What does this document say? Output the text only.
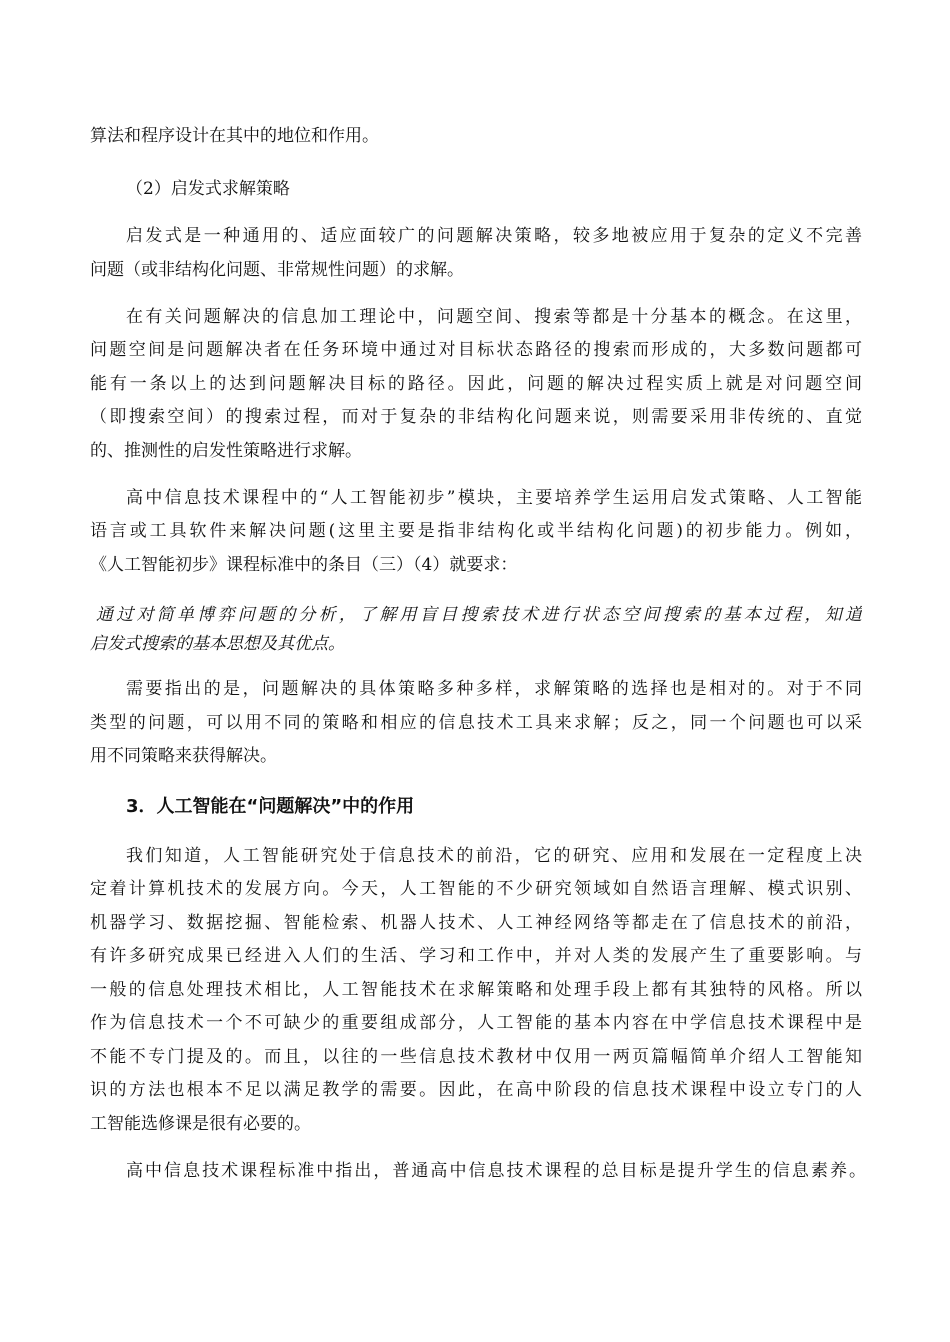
算法和程序设计在其中的地位和作用。
（2）启发式求解策略
启发式是一种通用的、适应面较广的问题解决策略，较多地被应用于复杂的定义不完善
问题（或非结构化问题、非常规性问题）的求解。
在有关问题解决的信息加工理论中，问题空间、搜索等都是十分基本的概念。在这里，
问题空间是问题解决者在任务环境中通过对目标状态路径的搜索而形成的，大多数问题都可
能有一条以上的达到问题解决目标的路径。因此，问题的解决过程实质上就是对问题空间
（即搜索空间）的搜索过程，而对于复杂的非结构化问题来说，则需要采用非传统的、直觉
的、推测性的启发性策略进行求解。
高中信息技术课程中的“人工智能初步”模块，主要培养学生运用启发式策略、人工智能
语言或工具软件来解决问题(这里主要是指非结构化或半结构化问题)的初步能力。例如，
《人工智能初步》课程标准中的条目（三）（4）就要求：
通过对简单博弈问题的分析，了解用盲目搜索技术进行状态空间搜索的基本过程，知道
启发式搜索的基本思想及其优点。
需要指出的是，问题解决的具体策略多种多样，求解策略的选择也是相对的。对于不同
类型的问题，可以用不同的策略和相应的信息技术工具来求解；反之，同一个问题也可以采
用不同策略来获得解决。
3．人工智能在“问题解决”中的作用
我们知道，人工智能研究处于信息技术的前沿，它的研究、应用和发展在一定程度上决
定着计算机技术的发展方向。今天，人工智能的不少研究领域如自然语言理解、模式识别、
机器学习、数据挖掘、智能检索、机器人技术、人工神经网络等都走在了信息技术的前沿，
有许多研究成果已经进入人们的生活、学习和工作中，并对人类的发展产生了重要影响。与
一般的信息处理技术相比，人工智能技术在求解策略和处理手段上都有其独特的风格。所以
作为信息技术一个不可缺少的重要组成部分，人工智能的基本内容在中学信息技术课程中是
不能不专门提及的。而且，以往的一些信息技术教材中仅用一两页篇幅简单介绍人工智能知
识的方法也根本不足以满足教学的需要。因此，在高中阶段的信息技术课程中设立专门的人
工智能选修课是很有必要的。
高中信息技术课程标准中指出，普通高中信息技术课程的总目标是提升学生的信息素养。
